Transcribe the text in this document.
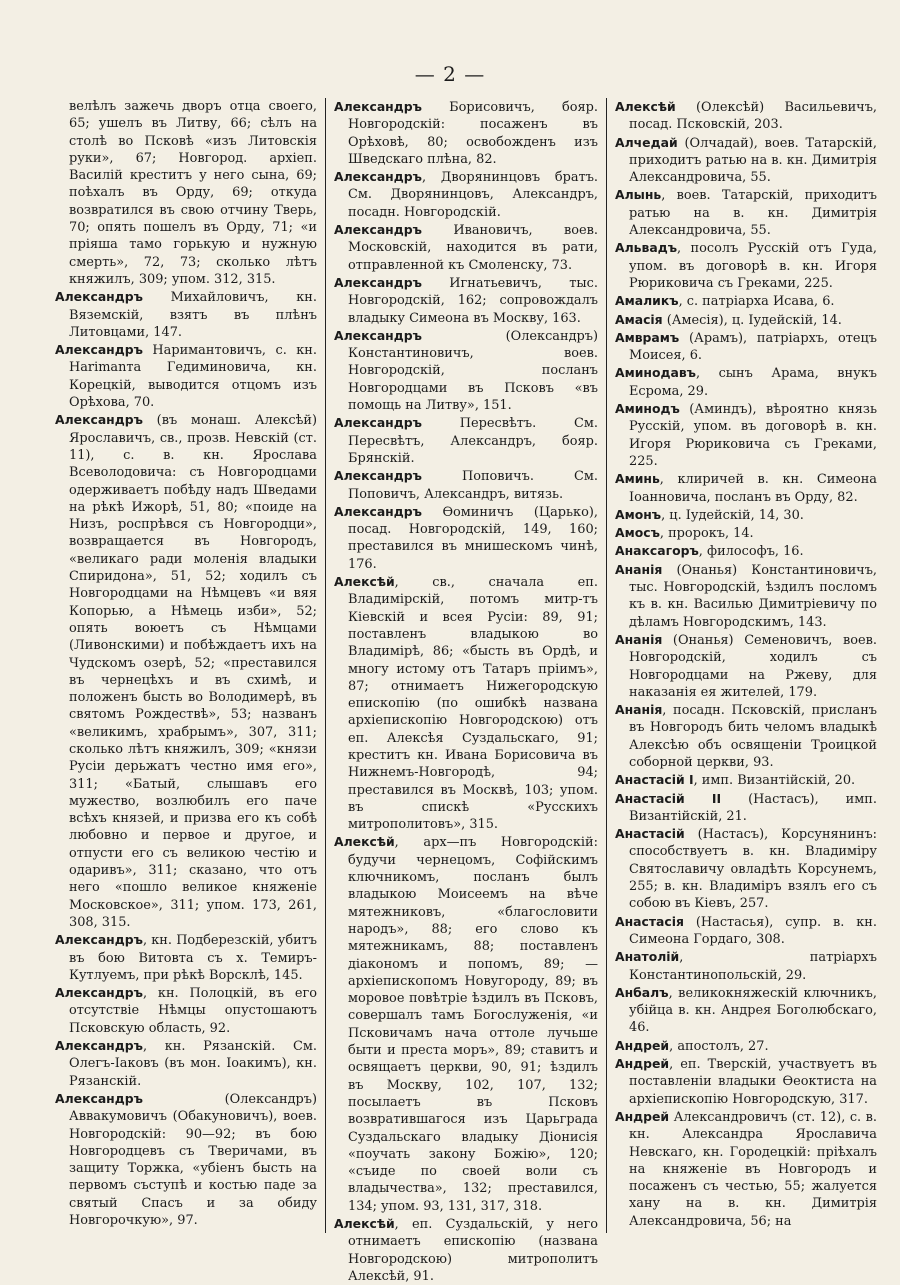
— 2 —

велѣлъ зажечь дворъ отца своего, 65; ушелъ въ Литву, 66; сѣлъ на столѣ во Псковѣ «изъ Литовскія руки», 67; Новгород. архіеп. Василій креститъ у него сына, 69; поѣхалъ въ Орду, 69; откуда возвратился въ свою отчину Тверь, 70; опять пошелъ въ Орду, 71; «и пріяша тамо горькую и нужную смерть», 72, 73; сколько лѣтъ княжилъ, 309; упом. 312, 315.

Александръ Михайловичъ, кн. Вяземскій, взятъ въ плѣнъ Литовцами, 147.

Александръ Наримантовичъ, с. кн. Наrimanта Гедиминовича, кн. Корецкій, выводится отцомъ изъ Орѣхова, 70.

Александръ (въ монаш. Алексѣй) Ярославичъ, св., прозв. Невскій (ст. 11), с. в. кн. Ярослава Всеволодовича: съ Новгородцами одерживаетъ побѣду надъ Шведами на рѣкѣ Ижорѣ, 51, 80; «поиде на Низъ, роспрѣвся съ Новгородци», возвращается въ Новгородъ, «великаго ради моленія владыки Спиридона», 51, 52; ходилъ съ Новгородцами на Нѣмцевъ «и вяя Копорью, а Нѣмець изби», 52; опять воюетъ съ Нѣмцами (Ливонскими) и побѣждаетъ ихъ на Чудскомъ озерѣ, 52; «преставился въ чернецѣхъ и въ схимѣ, и положенъ бысть во Володимерѣ, въ святомъ Рождествѣ», 53; названъ «великимъ, храбрымъ», 307, 311; сколько лѣтъ княжилъ, 309; «князи Русіи дерьжатъ честно имя его», 311; «Батый, слышавъ его мужество, возлюбилъ его паче всѣхъ князей, и призва его къ собѣ любовно и первое и другое, и отпусти его съ великою честію и одаривъ», 311; сказано, что отъ него «пошло великое княженіе Московское», 311; упом. 173, 261, 308, 315.

Александръ, кн. Подберезскій, убитъ въ бою Витовта съ х. Темиръ-Кутлуемъ, при рѣкѣ Ворсклѣ, 145.

Александръ, кн. Полоцкій, въ его отсутствіе Нѣмцы опустошаютъ Псковскую область, 92.

Александръ, кн. Рязанскій. См. Олегъ-Іаковъ (въ мон. Іоакимъ), кн. Рязанскій.

Александръ (Олександръ) Аввакумовичъ (Обакуновичъ), воев. Новгородскій: 90—92; въ бою Новгородцевъ съ Тверичами, въ защиту Торжка, «убіенъ бысть на первомъ съступѣ и костью паде за святый Спасъ и за обиду Новгорочкую», 97.

Александръ Борисовичъ, бояр. Новгородскій: посаженъ въ Орѣховѣ, 80; освобожденъ изъ Шведскаго плѣна, 82.

Александръ, Дворянинцовъ братъ. См. Дворянинцовъ, Александръ, посадн. Новгородскій.

Александръ Ивановичъ, воев. Московскій, находится въ рати, отправленной къ Смоленску, 73.

Александръ Игнатьевичъ, тыс. Новгородскій, 162; сопровождалъ владыку Симеона въ Москву, 163.

Александръ (Олександръ) Константиновичъ, воев. Новгородскій, посланъ Новгородцами въ Псковъ «въ помощь на Литву», 151.

Александръ Пересвѣтъ. См. Пересвѣтъ, Александръ, бояр. Брянскій.

Александръ Поповичъ. См. Поповичъ, Александръ, витязь.

Александръ Ѳоминичъ (Царько), посад. Новгородскій, 149, 160; преставился въ мнишескомъ чинѣ, 176.

Алексѣй, св., сначала еп. Владимірскій, потомъ митр-тъ Кіевскій и всея Русіи: 89, 91; поставленъ владыкою во Владимірѣ, 86; «бысть въ Ордѣ, и многу истому отъ Татаръ пріимъ», 87; отнимаетъ Нижегородскую епископію (по ошибкѣ названа архіепископію Новгородскою) отъ еп. Алексѣя Суздальскаго, 91; креститъ кн. Ивана Борисовича въ Нижнемъ-Новгородѣ, 94; преставился въ Москвѣ, 103; упом. въ спискѣ «Русскихъ митрополитовъ», 315.

Алексѣй, арх—пъ Новгородскій: будучи чернецомъ, Софійскимъ ключникомъ, посланъ былъ владыкою Моисеемъ на вѣче мятежниковъ, «благословити народъ», 88; его слово къ мятежникамъ, 88; поставленъ діакономъ и попомъ, 89; — архіепископомъ Новугороду, 89; въ моровое повѣтріе ѣздилъ въ Псковъ, совершалъ тамъ Богослуженія, «и Псковичамъ нача оттоле лучьше быти и преста моръ», 89; ставитъ и освящаетъ церкви, 90, 91; ѣздилъ въ Москву, 102, 107, 132; посылаетъ въ Псковъ возвратившагося изъ Царьграда Суздальскаго владыку Діонисія «поучать закону Божію», 120; «съиде по своей воли съ владычества», 132; преставился, 134; упом. 93, 131, 317, 318.

Алексѣй, еп. Суздальскій, у него отнимаетъ епископію (названа Новгородскою) митрополитъ Алексѣй, 91.

Алексѣй (Олексѣй) Васильевичъ, посад. Псковскій, 203.

Алчедай (Олчадай), воев. Татарскій, приходитъ ратью на в. кн. Димитрія Александровича, 55.

Алынь, воев. Татарскій, приходитъ ратью на в. кн. Димитрія Александровича, 55.

Альвадъ, посолъ Русскій отъ Гуда, упом. въ договорѣ в. кн. Игоря Рюриковича съ Греками, 225.

Амаликъ, с. патріарха Исава, 6.

Амасія (Амесія), ц. Іудейскій, 14.

Амврамъ (Арамъ), патріархъ, отецъ Моисея, 6.

Аминодавъ, сынъ Арама, внукъ Есрома, 29.

Аминодъ (Аминдъ), вѣроятно князь Русскій, упом. въ договорѣ в. кн. Игоря Рюриковича съ Греками, 225.

Аминь, клиричей в. кн. Симеона Іоанновича, посланъ въ Орду, 82.

Амонъ, ц. Іудейскій, 14, 30.

Амосъ, пророкъ, 14.

Анаксагоръ, философъ, 16.

Ананія (Онанья) Константиновичъ, тыс. Новгородскій, ѣздилъ посломъ къ в. кн. Василью Димитріевичу по дѣламъ Новгородскимъ, 143.

Ананія (Онанья) Семеновичъ, воев. Новгородскій, ходилъ съ Новгородцами на Ржеву, для наказанія ея жителей, 179.

Ананія, посадн. Псковскій, присланъ въ Новгородъ бить челомъ владыкѣ Алексѣю объ освященіи Троицкой соборной церкви, 93.

Анастасій I, имп. Византійскій, 20.

Анастасій II (Настасъ), имп. Византійскій, 21.

Анастасій (Настасъ), Корсунянинъ: способствуетъ в. кн. Владиміру Святославичу овладѣть Корсунемъ, 255; в. кн. Владиміръ взялъ его съ собою въ Кіевъ, 257.

Анастасія (Настасья), супр. в. кн. Симеона Гордаго, 308.

Анатолій, патріархъ Константинопольскій, 29.

Анбалъ, великокняжескій ключникъ, убійца в. кн. Андрея Боголюбскаго, 46.

Андрей, апостолъ, 27.

Андрей, еп. Тверскій, участвуетъ въ поставленіи владыки Ѳеоктиста на архіепископію Новгородскую, 317.

Андрей Александровичъ (ст. 12), с. в. кн. Александра Ярославича Невскаго, кн. Городецкій: пріѣхалъ на княженіе въ Новгородъ и посаженъ съ честью, 55; жалуется хану на в. кн. Димитрія Александровича, 56; на
